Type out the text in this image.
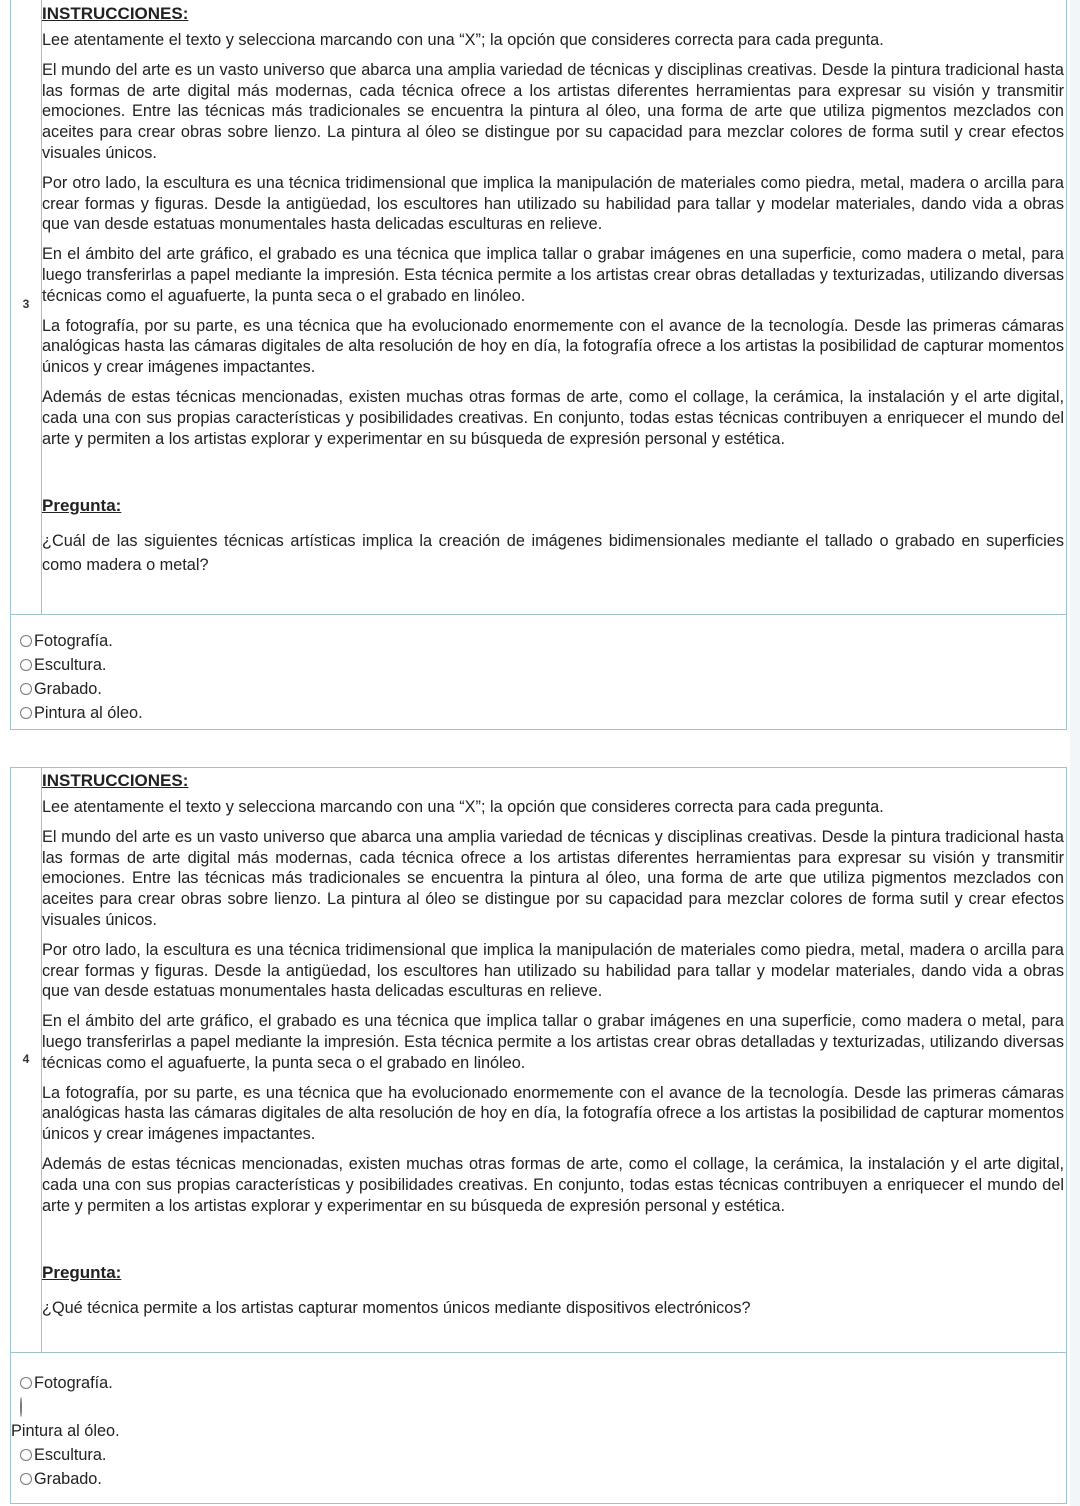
3
INSTRUCCIONES:

Lee atentamente el texto y selecciona marcando con una “X”; la opción que consideres correcta para cada pregunta.

El mundo del arte es un vasto universo que abarca una amplia variedad de técnicas y disciplinas creativas. Desde la pintura tradicional hasta las formas de arte digital más modernas, cada técnica ofrece a los artistas diferentes herramientas para expresar su visión y transmitir emociones. Entre las técnicas más tradicionales se encuentra la pintura al óleo, una forma de arte que utiliza pigmentos mezclados con aceites para crear obras sobre lienzo. La pintura al óleo se distingue por su capacidad para mezclar colores de forma sutil y crear efectos visuales únicos.

Por otro lado, la escultura es una técnica tridimensional que implica la manipulación de materiales como piedra, metal, madera o arcilla para crear formas y figuras. Desde la antigüedad, los escultores han utilizado su habilidad para tallar y modelar materiales, dando vida a obras que van desde estatuas monumentales hasta delicadas esculturas en relieve.

En el ámbito del arte gráfico, el grabado es una técnica que implica tallar o grabar imágenes en una superficie, como madera o metal, para luego transferirlas a papel mediante la impresión. Esta técnica permite a los artistas crear obras detalladas y texturizadas, utilizando diversas técnicas como el aguafuerte, la punta seca o el grabado en linóleo.

La fotografía, por su parte, es una técnica que ha evolucionado enormemente con el avance de la tecnología. Desde las primeras cámaras analógicas hasta las cámaras digitales de alta resolución de hoy en día, la fotografía ofrece a los artistas la posibilidad de capturar momentos únicos y crear imágenes impactantes.

Además de estas técnicas mencionadas, existen muchas otras formas de arte, como el collage, la cerámica, la instalación y el arte digital, cada una con sus propias características y posibilidades creativas. En conjunto, todas estas técnicas contribuyen a enriquecer el mundo del arte y permiten a los artistas explorar y experimentar en su búsqueda de expresión personal y estética.

Pregunta:

¿Cuál de las siguientes técnicas artísticas implica la creación de imágenes bidimensionales mediante el tallado o grabado en superficies como madera o metal?

Fotografía.
Escultura.
Grabado.
Pintura al óleo.
4
INSTRUCCIONES:

Lee atentamente el texto y selecciona marcando con una “X”; la opción que consideres correcta para cada pregunta.

El mundo del arte es un vasto universo que abarca una amplia variedad de técnicas y disciplinas creativas. Desde la pintura tradicional hasta las formas de arte digital más modernas, cada técnica ofrece a los artistas diferentes herramientas para expresar su visión y transmitir emociones. Entre las técnicas más tradicionales se encuentra la pintura al óleo, una forma de arte que utiliza pigmentos mezclados con aceites para crear obras sobre lienzo. La pintura al óleo se distingue por su capacidad para mezclar colores de forma sutil y crear efectos visuales únicos.

Por otro lado, la escultura es una técnica tridimensional que implica la manipulación de materiales como piedra, metal, madera o arcilla para crear formas y figuras. Desde la antigüedad, los escultores han utilizado su habilidad para tallar y modelar materiales, dando vida a obras que van desde estatuas monumentales hasta delicadas esculturas en relieve.

En el ámbito del arte gráfico, el grabado es una técnica que implica tallar o grabar imágenes en una superficie, como madera o metal, para luego transferirlas a papel mediante la impresión. Esta técnica permite a los artistas crear obras detalladas y texturizadas, utilizando diversas técnicas como el aguafuerte, la punta seca o el grabado en linóleo.

La fotografía, por su parte, es una técnica que ha evolucionado enormemente con el avance de la tecnología. Desde las primeras cámaras analógicas hasta las cámaras digitales de alta resolución de hoy en día, la fotografía ofrece a los artistas la posibilidad de capturar momentos únicos y crear imágenes impactantes.

Además de estas técnicas mencionadas, existen muchas otras formas de arte, como el collage, la cerámica, la instalación y el arte digital, cada una con sus propias características y posibilidades creativas. En conjunto, todas estas técnicas contribuyen a enriquecer el mundo del arte y permiten a los artistas explorar y experimentar en su búsqueda de expresión personal y estética.

Pregunta:

¿Qué técnica permite a los artistas capturar momentos únicos mediante dispositivos electrónicos?

Fotografía.
Pintura al óleo.
Escultura.
Grabado.
